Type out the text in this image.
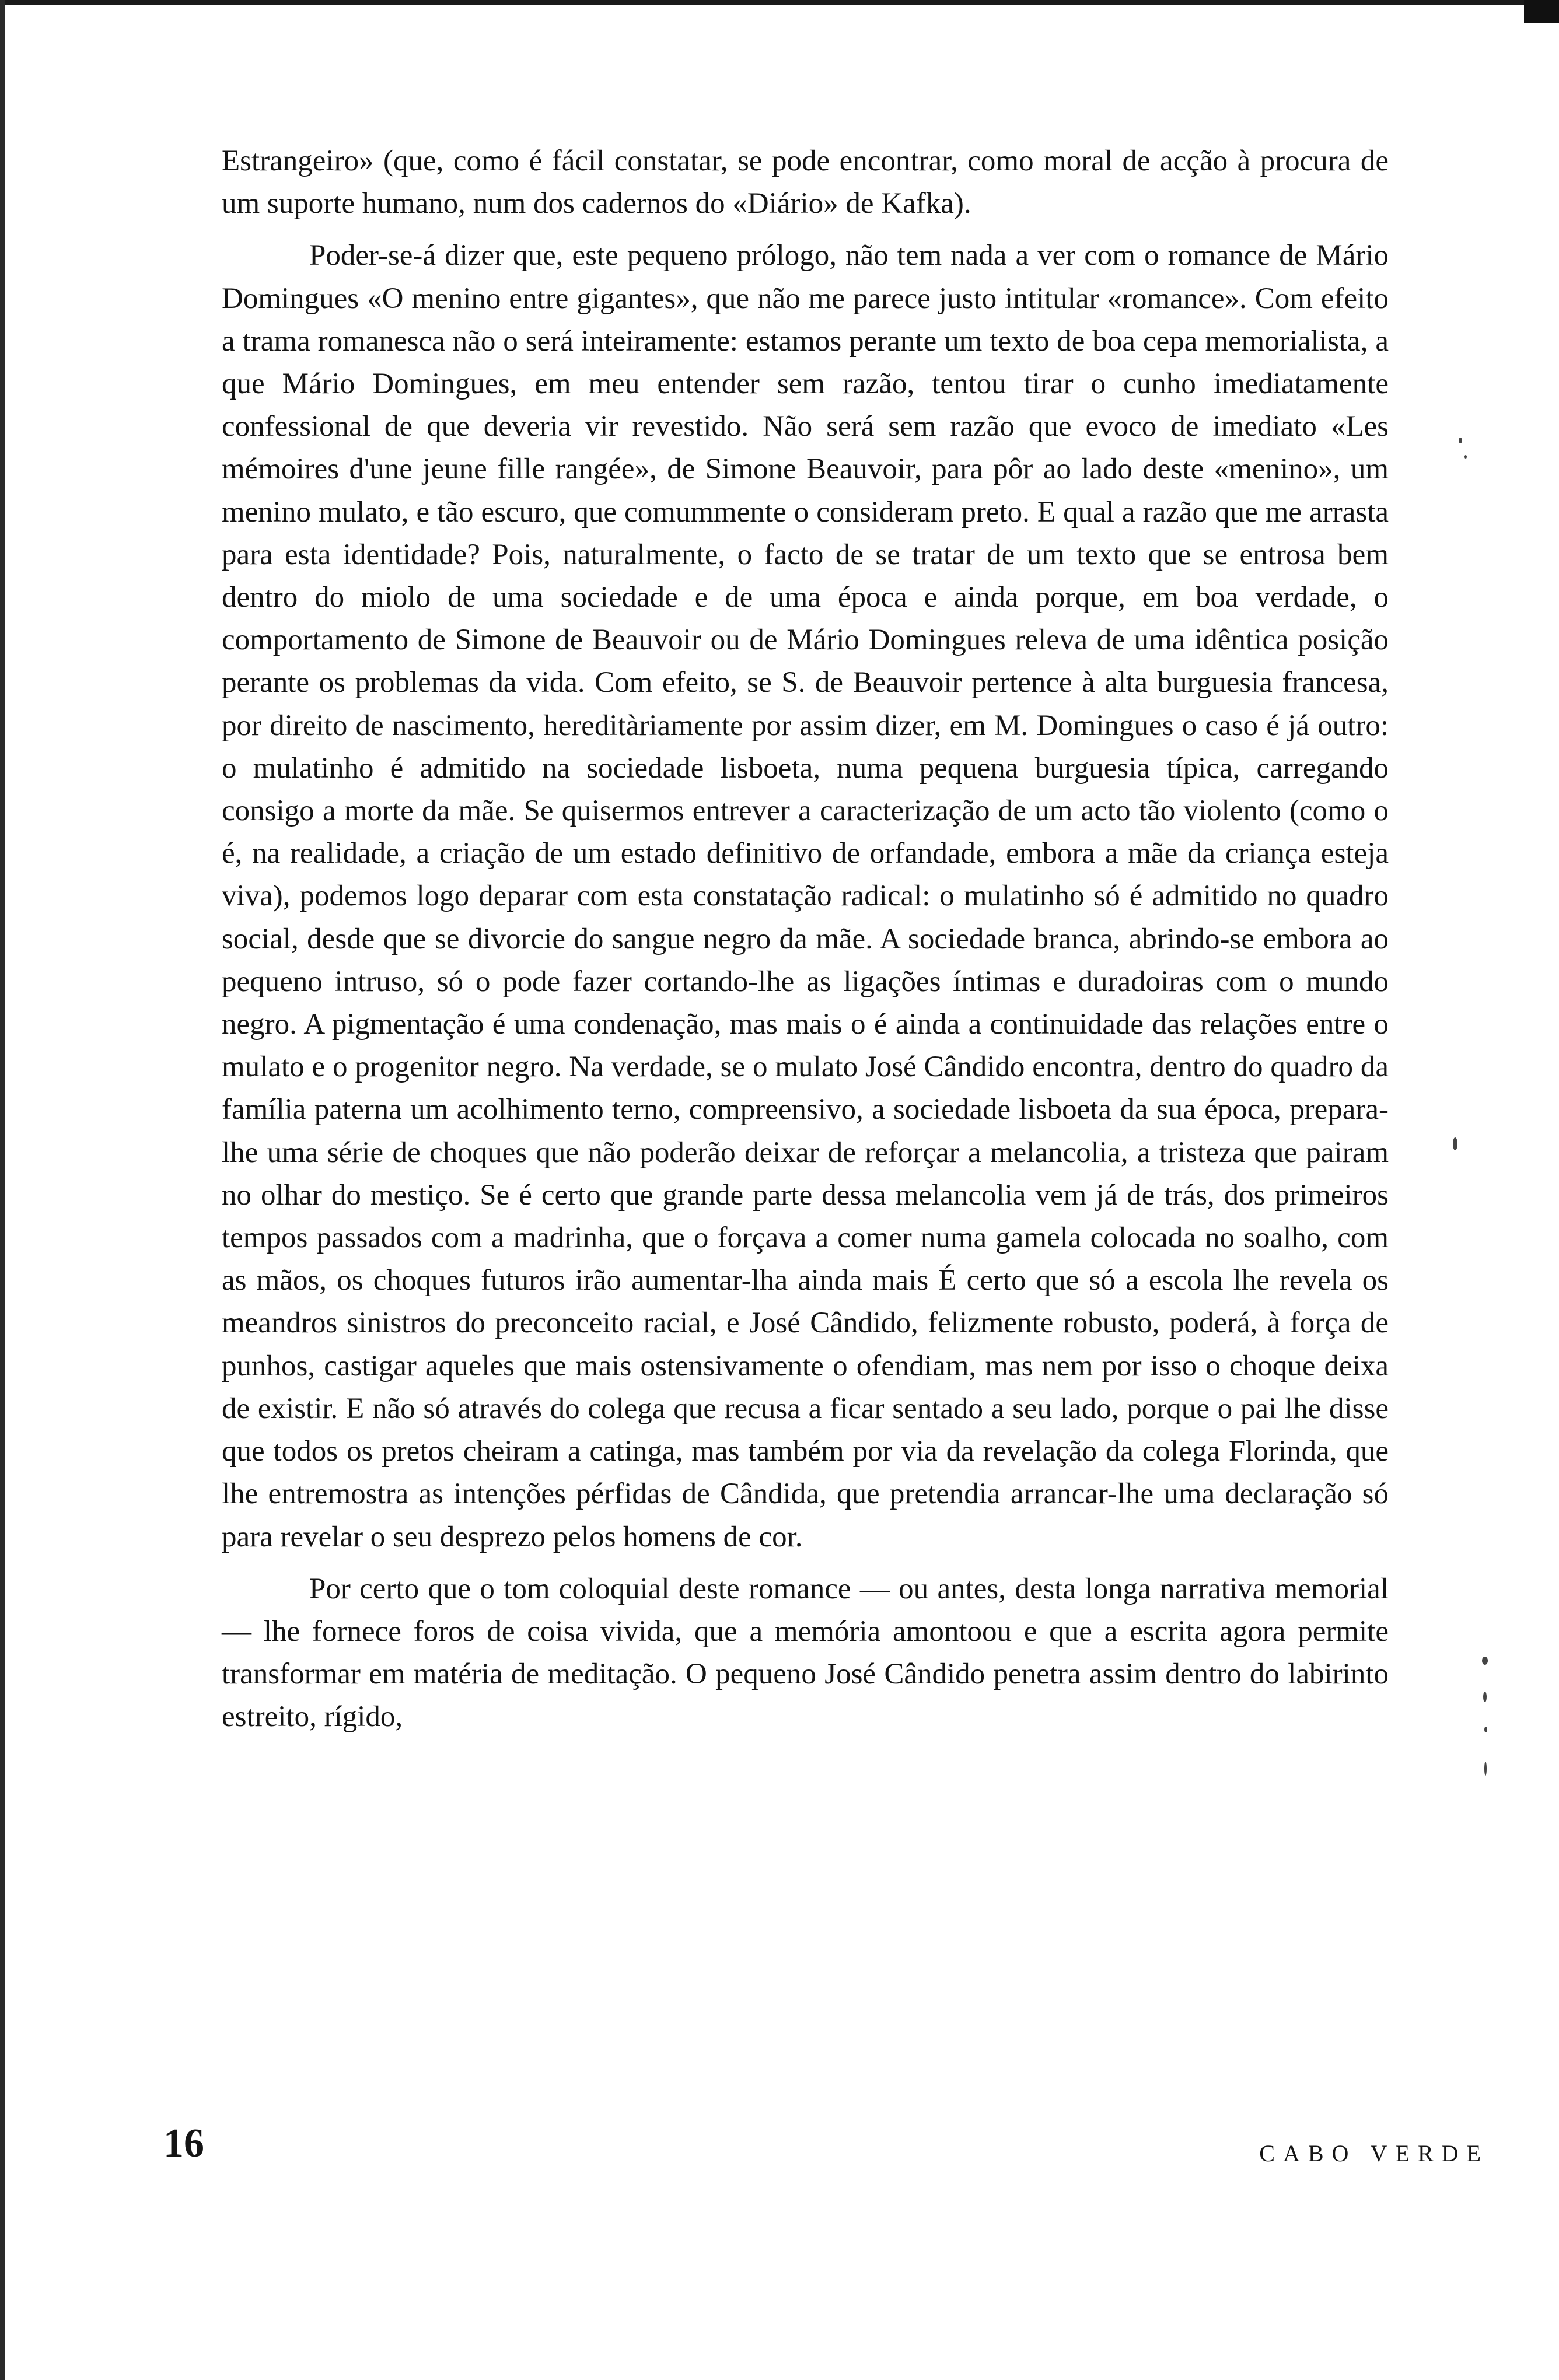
Estrangeiro» (que, como é fácil constatar, se pode encontrar, como moral de acção à procura de um suporte humano, num dos cadernos do «Diário» de Kafka).

Poder-se-á dizer que, este pequeno prólogo, não tem nada a ver com o romance de Mário Domingues «O menino entre gigantes», que não me parece justo intitular «romance». Com efeito a trama romanesca não o será inteiramente: estamos perante um texto de boa cepa memorialista, a que Mário Domingues, em meu entender sem razão, tentou tirar o cunho imediatamente confessional de que deveria vir revestido. Não será sem razão que evoco de imediato «Les mémoires d'une jeune fille rangée», de Simone Beauvoir, para pôr ao lado deste «menino», um menino mulato, e tão escuro, que comummente o consideram preto. E qual a razão que me arrasta para esta identidade? Pois, naturalmente, o facto de se tratar de um texto que se entrosa bem dentro do miolo de uma sociedade e de uma época e ainda porque, em boa verdade, o comportamento de Simone de Beauvoir ou de Mário Domingues releva de uma idêntica posição perante os problemas da vida. Com efeito, se S. de Beauvoir pertence à alta burguesia francesa, por direito de nascimento, hereditàriamente por assim dizer, em M. Domingues o caso é já outro: o mulatinho é admitido na sociedade lisboeta, numa pequena burguesia típica, carregando consigo a morte da mãe. Se quisermos entrever a caracterização de um acto tão violento (como o é, na realidade, a criação de um estado definitivo de orfandade, embora a mãe da criança esteja viva), podemos logo deparar com esta constatação radical: o mulatinho só é admitido no quadro social, desde que se divorcie do sangue negro da mãe. A sociedade branca, abrindo-se embora ao pequeno intruso, só o pode fazer cortando-lhe as ligações íntimas e duradoiras com o mundo negro. A pigmentação é uma condenação, mas mais o é ainda a continuidade das relações entre o mulato e o progenitor negro. Na verdade, se o mulato José Cândido encontra, dentro do quadro da família paterna um acolhimento terno, compreensivo, a sociedade lisboeta da sua época, prepara-lhe uma série de choques que não poderão deixar de reforçar a melancolia, a tristeza que pairam no olhar do mestiço. Se é certo que grande parte dessa melancolia vem já de trás, dos primeiros tempos passados com a madrinha, que o forçava a comer numa gamela colocada no soalho, com as mãos, os choques futuros irão aumentar-lha ainda mais É certo que só a escola lhe revela os meandros sinistros do preconceito racial, e José Cândido, felizmente robusto, poderá, à força de punhos, castigar aqueles que mais ostensivamente o ofendiam, mas nem por isso o choque deixa de existir. E não só através do colega que recusa a ficar sentado a seu lado, porque o pai lhe disse que todos os pretos cheiram a catinga, mas também por via da revelação da colega Florinda, que lhe entremostra as intenções pérfidas de Cândida, que pretendia arrancar-lhe uma declaração só para revelar o seu desprezo pelos homens de cor.

Por certo que o tom coloquial deste romance — ou antes, desta longa narrativa memorial — lhe fornece foros de coisa vivida, que a memória amontoou e que a escrita agora permite transformar em matéria de meditação. O pequeno José Cândido penetra assim dentro do labirinto estreito, rígido,

16	CABO VERDE
